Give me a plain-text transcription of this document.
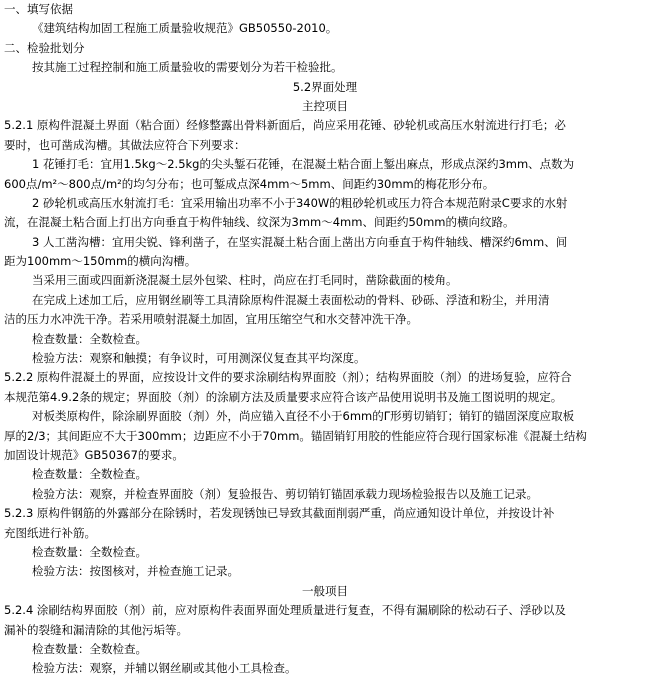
一、填写依据
《建筑结构加固工程施工质量验收规范》GB50550-2010。
二、检验批划分
按其施工过程控制和施工质量验收的需要划分为若干检验批。
5.2界面处理
主控项目
5.2.1 原构件混凝土界面（粘合面）经修整露出骨料新面后，尚应采用花锤、砂轮机或高压水射流进行打毛；必
要时，也可凿成沟槽。其做法应符合下列要求：
1 花锤打毛：宜用1.5kg～2.5kg的尖头錾石花锤，在混凝土粘合面上錾出麻点，形成点深约3mm、点数为
600点/m²～800点/m²的均匀分布；也可錾成点深4mm～5mm、间距约30mm的梅花形分布。
2 砂轮机或高压水射流打毛：宜采用输出功率不小于340W的粗砂轮机或压力符合本规范附录C要求的水射
流，在混凝土粘合面上打出方向垂直于构件轴线、纹深为3mm～4mm、间距约50mm的横向纹路。
3 人工凿沟槽：宜用尖锐、锋利凿子，在坚实混凝土粘合面上凿出方向垂直于构件轴线、槽深约6mm、间
距为100mm～150mm的横向沟槽。
当采用三面或四面新浇混凝土层外包梁、柱时，尚应在打毛同时，凿除截面的棱角。
在完成上述加工后，应用钢丝刷等工具清除原构件混凝土表面松动的骨料、砂砾、浮渣和粉尘，并用清
洁的压力水冲洗干净。若采用喷射混凝土加固，宜用压缩空气和水交替冲洗干净。
检查数量：全数检查。
检验方法：观察和触摸；有争议时，可用测深仪复查其平均深度。
5.2.2 原构件混凝土的界面，应按设计文件的要求涂刷结构界面胶（剂）；结构界面胶（剂）的进场复验，应符合
本规范第4.9.2条的规定；界面胶（剂）的涂刷方法及质量要求应符合该产品使用说明书及施工图说明的规定。
对板类原构件，除涂刷界面胶（剂）外，尚应锚入直径不小于6mm的Γ形剪切销钉；销钉的锚固深度应取板
厚的2/3；其间距应不大于300mm；边距应不小于70mm。锚固销钉用胶的性能应符合现行国家标准《混凝土结构
加固设计规范》GB50367的要求。
检查数量：全数检查。
检验方法：观察，并检查界面胶（剂）复验报告、剪切销钉锚固承载力现场检验报告以及施工记录。
5.2.3 原构件钢筋的外露部分在除锈时，若发现锈蚀已导致其截面削弱严重，尚应通知设计单位，并按设计补
充图纸进行补筋。
检查数量：全数检查。
检验方法：按图核对，并检查施工记录。
一般项目
5.2.4 涂刷结构界面胶（剂）前，应对原构件表面界面处理质量进行复查，不得有漏刷除的松动石子、浮砂以及
漏补的裂缝和漏清除的其他污垢等。
检查数量：全数检查。
检验方法：观察，并辅以钢丝刷或其他小工具检查。
